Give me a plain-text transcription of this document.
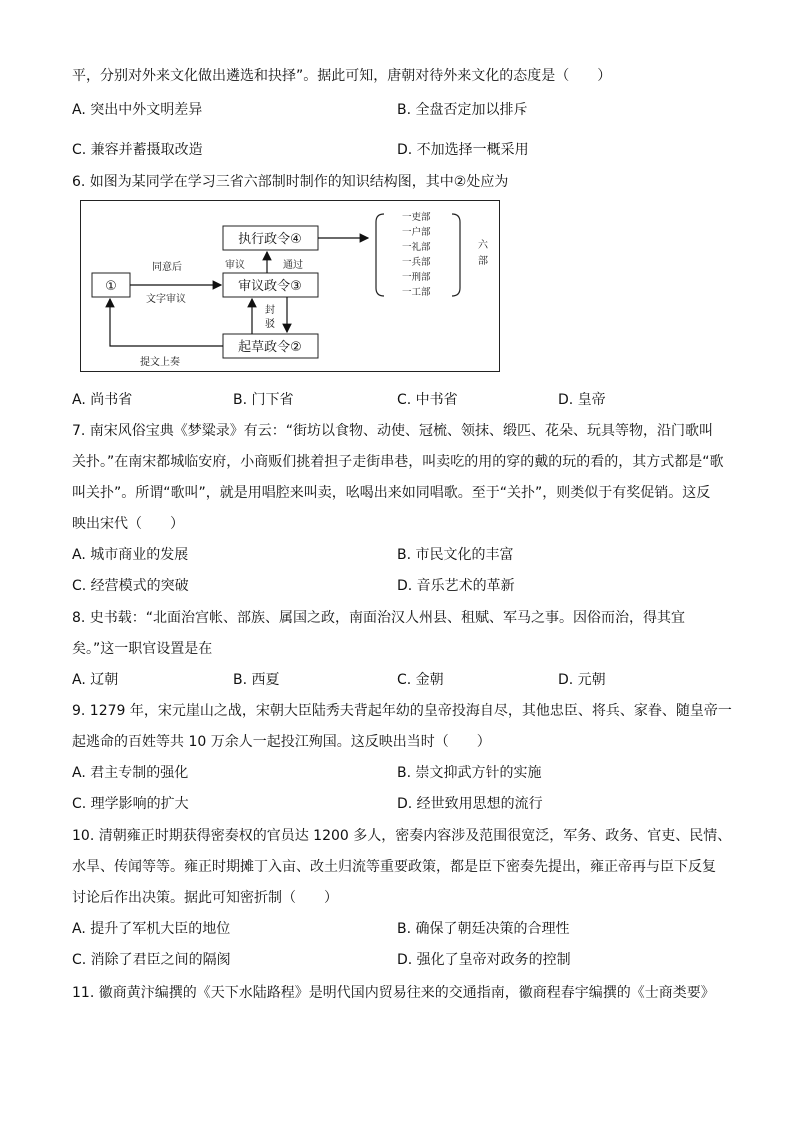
平，分别对外来文化做出遴选和抉择”。据此可知，唐朝对待外来文化的态度是（　　）
A. 突出中外文明差异	B. 全盘否定加以排斥
C. 兼容并蓄摄取改造	D. 不加选择一概采用
6. 如图为某同学在学习三省六部制时制作的知识结构图，其中②处应为
①
执行政令④
审议政令③
起草政令②
同意后	审议	通过
文字审议
封
驳
提文上奏
一吏部
一户部
一礼部
一兵部
一刑部
一工部
六
部
A. 尚书省	B. 门下省	C. 中书省	D. 皇帝
7. 南宋风俗宝典《梦粱录》有云：“街坊以食物、动使、冠梳、领抹、缎匹、花朵、玩具等物，沿门歌叫
关扑。”在南宋都城临安府，小商贩们挑着担子走街串巷，叫卖吃的用的穿的戴的玩的看的，其方式都是“歌
叫关扑”。所谓“歌叫”，就是用唱腔来叫卖，吆喝出来如同唱歌。至于“关扑”，则类似于有奖促销。这反
映出宋代（　　）
A. 城市商业的发展	B. 市民文化的丰富
C. 经营模式的突破	D. 音乐艺术的革新
8. 史书载：“北面治宫帐、部族、属国之政，南面治汉人州县、租赋、军马之事。因俗而治，得其宜
矣。”这一职官设置是在
A. 辽朝	B. 西夏	C. 金朝	D. 元朝
9. 1279 年，宋元崖山之战，宋朝大臣陆秀夫背起年幼的皇帝投海自尽，其他忠臣、将兵、家眷、随皇帝一
起逃命的百姓等共 10 万余人一起投江殉国。这反映出当时（　　）
A. 君主专制的强化	B. 崇文抑武方针的实施
C. 理学影响的扩大	D. 经世致用思想的流行
10. 清朝雍正时期获得密奏权的官员达 1200 多人，密奏内容涉及范围很宽泛，军务、政务、官吏、民情、
水旱、传闻等等。雍正时期摊丁入亩、改土归流等重要政策，都是臣下密奏先提出，雍正帝再与臣下反复
讨论后作出决策。据此可知密折制（　　）
A. 提升了军机大臣的地位	B. 确保了朝廷决策的合理性
C. 消除了君臣之间的隔阂	D. 强化了皇帝对政务的控制
11. 徽商黄汴编撰的《天下水陆路程》是明代国内贸易往来的交通指南，徽商程春宇编撰的《士商类要》
